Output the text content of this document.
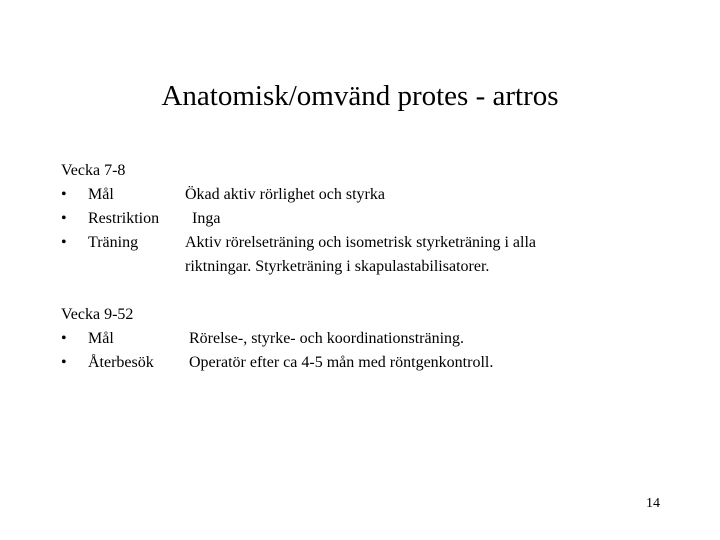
Anatomisk/omvänd protes - artros
Vecka 7-8
• Mål	Ökad aktiv rörlighet och styrka
• Restriktion Inga
• Träning	Aktiv rörelseträning och isometrisk styrketräning i alla
riktningar. Styrketräning i skapulastabilisatorer.
Vecka 9-52
• Mål	Rörelse-, styrke- och koordinationsträning.
• Återbesök Operatör efter ca 4-5 mån med röntgenkontroll.
14
